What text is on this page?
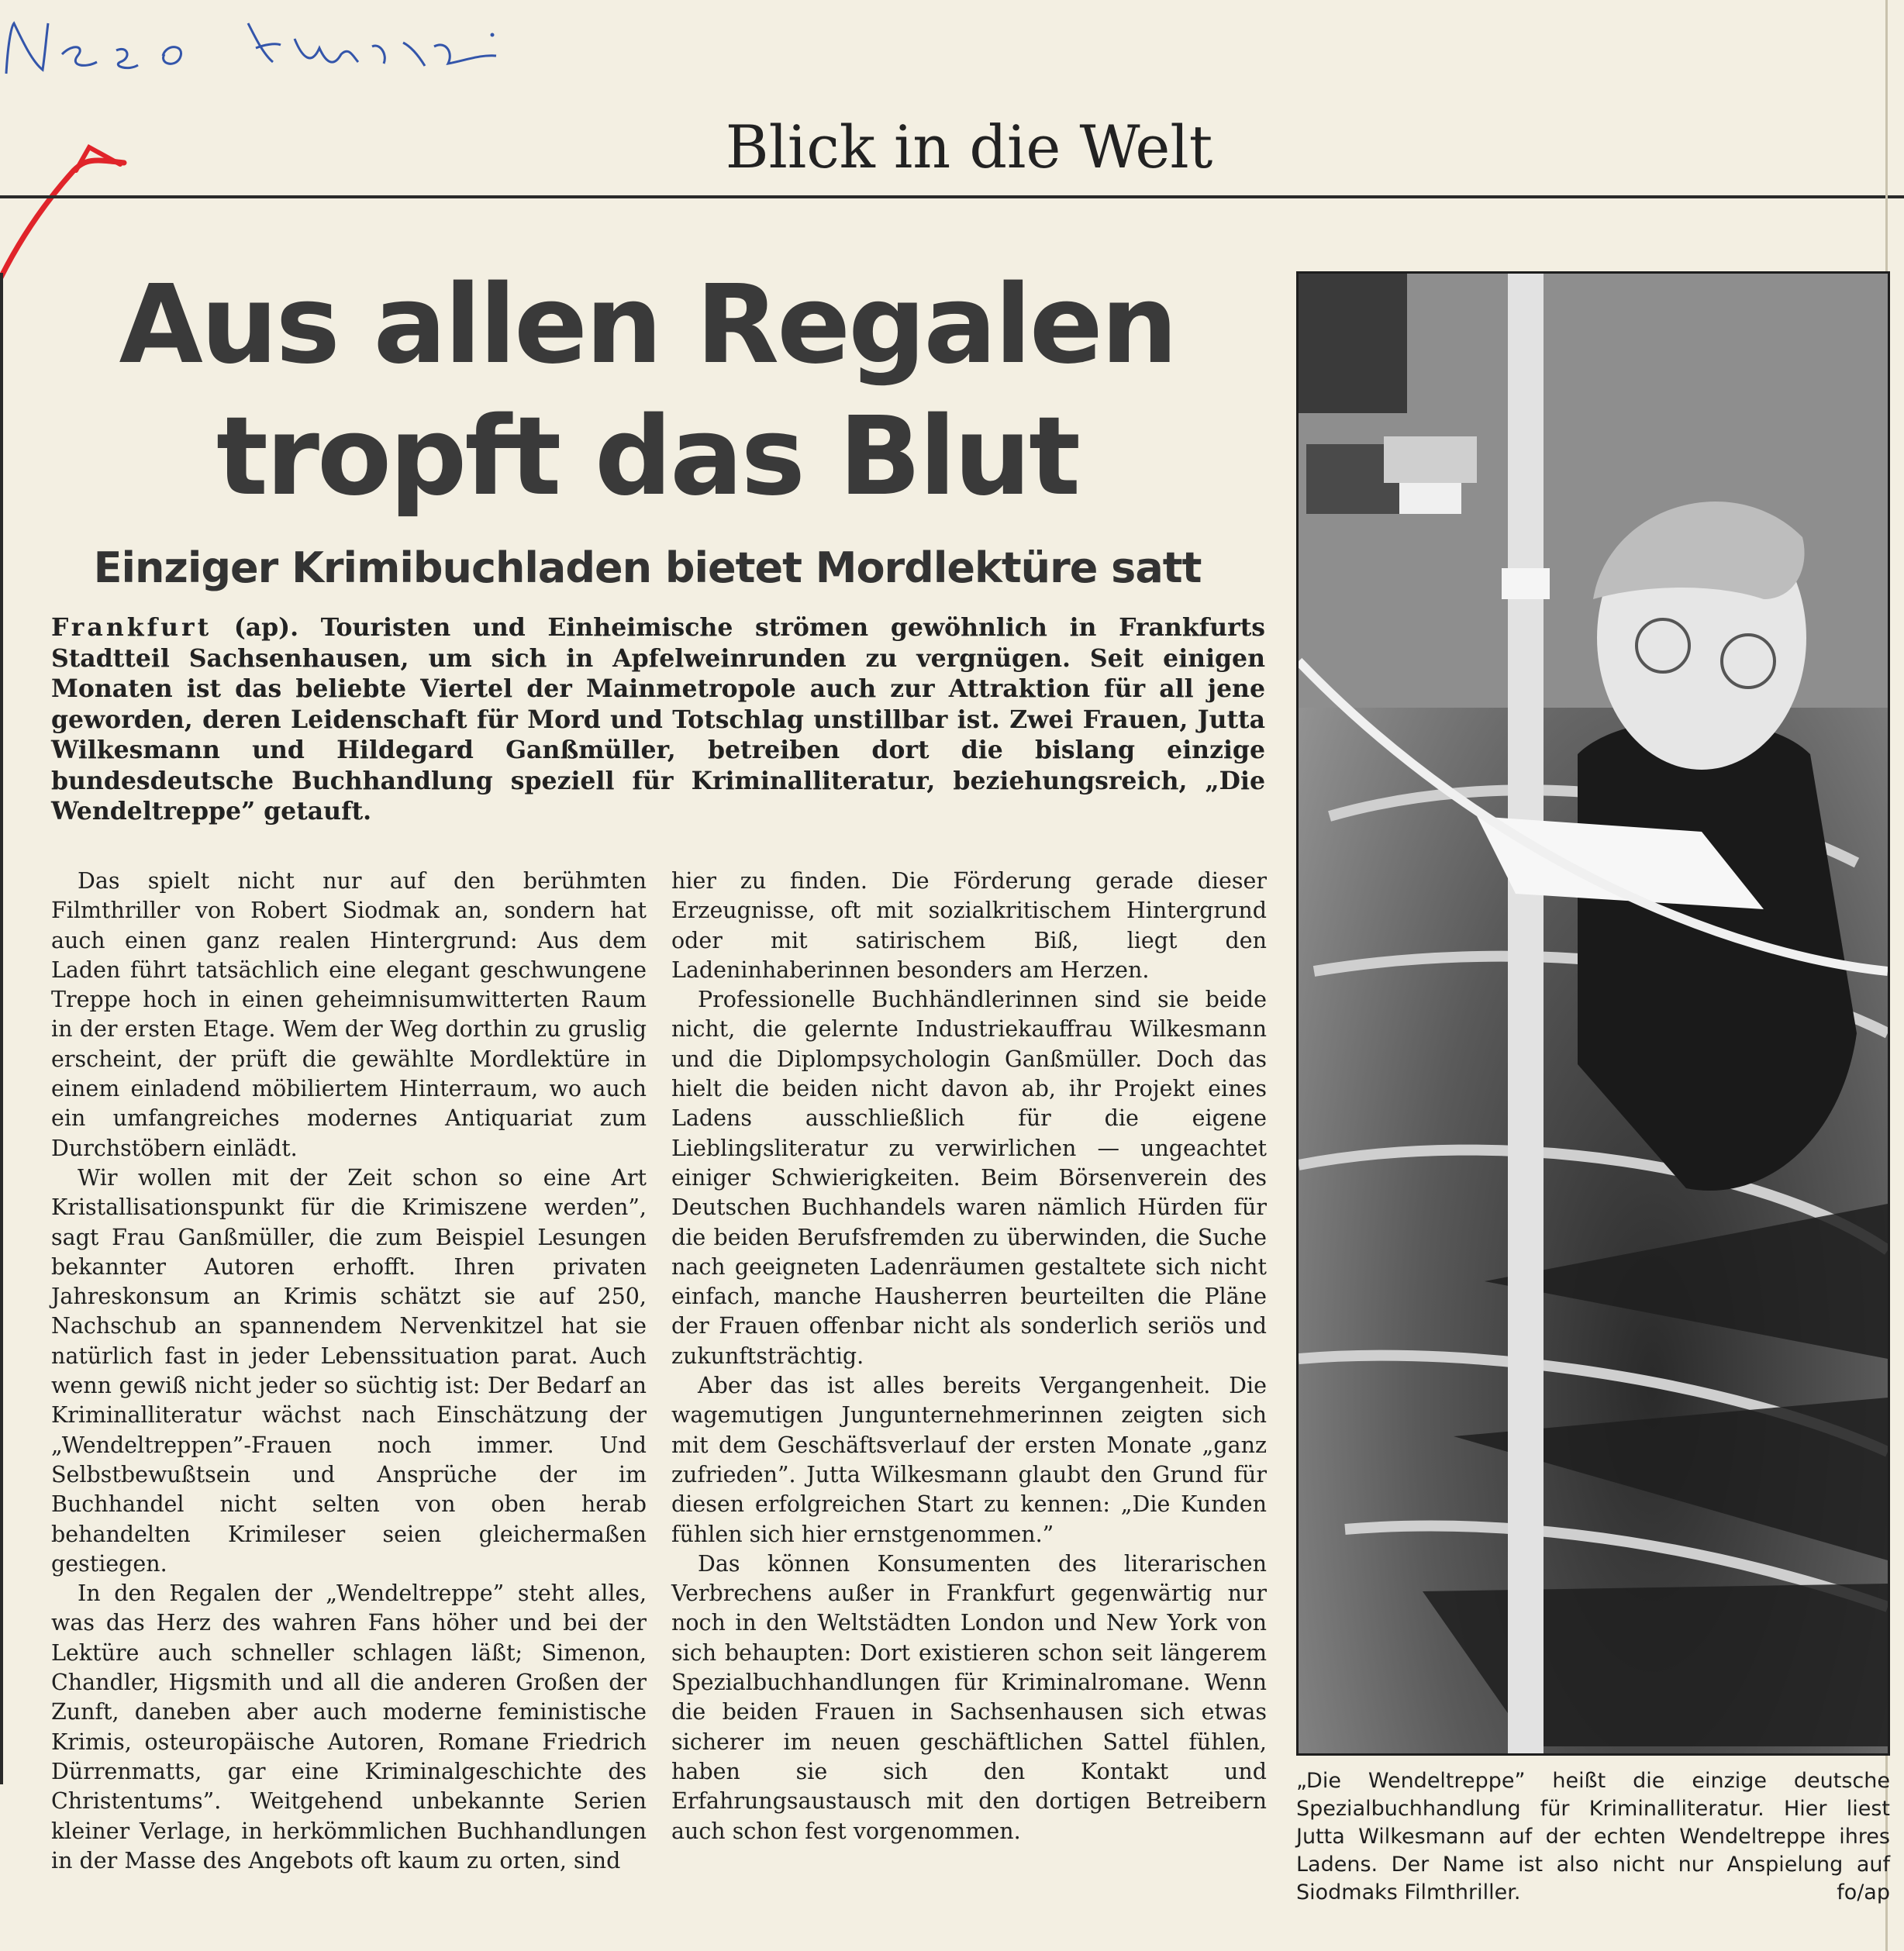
Blick in die Welt
Aus allen Regalen
tropft das Blut
Einziger Krimibuchladen bietet Mordlektüre satt
Frankfurt (ap). Touristen und Einheimische strömen gewöhnlich in Frankfurts Stadtteil Sachsenhausen, um sich in Apfelweinrunden zu vergnügen. Seit einigen Monaten ist das beliebte Viertel der Mainmetropole auch zur Attraktion für all jene geworden, deren Leidenschaft für Mord und Totschlag unstillbar ist. Zwei Frauen, Jutta Wilkesmann und Hildegard Ganßmüller, betreiben dort die bislang einzige bundesdeutsche Buchhandlung speziell für Kriminalliteratur, beziehungsreich, „Die Wendeltreppe” getauft.

Das spielt nicht nur auf den berühmten Filmthriller von Robert Siodmak an, sondern hat auch einen ganz realen Hintergrund: Aus dem Laden führt tatsächlich eine elegant geschwungene Treppe hoch in einen geheimnisumwitterten Raum in der ersten Etage. Wem der Weg dorthin zu gruslig erscheint, der prüft die gewählte Mordlektüre in einem einladend möbiliertem Hinterraum, wo auch ein umfangreiches modernes Antiquariat zum Durchstöbern einlädt.

Wir wollen mit der Zeit schon so eine Art Kristallisationspunkt für die Krimiszene werden”, sagt Frau Ganßmüller, die zum Beispiel Lesungen bekannter Autoren erhofft. Ihren privaten Jahreskonsum an Krimis schätzt sie auf 250, Nachschub an spannendem Nervenkitzel hat sie natürlich fast in jeder Lebenssituation parat. Auch wenn gewiß nicht jeder so süchtig ist: Der Bedarf an Kriminalliteratur wächst nach Einschätzung der „Wendeltreppen”-Frauen noch immer. Und Selbstbewußtsein und Ansprüche der im Buchhandel nicht selten von oben herab behandelten Krimileser seien gleichermaßen gestiegen.

In den Regalen der „Wendeltreppe” steht alles, was das Herz des wahren Fans höher und bei der Lektüre auch schneller schlagen läßt; Simenon, Chandler, Higsmith und all die anderen Großen der Zunft, daneben aber auch moderne feministische Krimis, osteuropäische Autoren, Romane Friedrich Dürrenmatts, gar eine Kriminalgeschichte des Christentums”. Weitgehend unbekannte Serien kleiner Verlage, in herkömmlichen Buchhandlungen in der Masse des Angebots oft kaum zu orten, sind

hier zu finden. Die Förderung gerade dieser Erzeugnisse, oft mit sozialkritischem Hintergrund oder mit satirischem Biß, liegt den Ladeninhaberinnen besonders am Herzen.

Professionelle Buchhändlerinnen sind sie beide nicht, die gelernte Industriekauffrau Wilkesmann und die Diplompsychologin Ganßmüller. Doch das hielt die beiden nicht davon ab, ihr Projekt eines Ladens ausschließlich für die eigene Lieblingsliteratur zu verwirlichen — ungeachtet einiger Schwierigkeiten. Beim Börsenverein des Deutschen Buchhandels waren nämlich Hürden für die beiden Berufsfremden zu überwinden, die Suche nach geeigneten Ladenräumen gestaltete sich nicht einfach, manche Hausherren beurteilten die Pläne der Frauen offenbar nicht als sonderlich seriös und zukunftsträchtig.

Aber das ist alles bereits Vergangenheit. Die wagemutigen Jungunternehmerinnen zeigten sich mit dem Geschäftsverlauf der ersten Monate „ganz zufrieden”. Jutta Wilkesmann glaubt den Grund für diesen erfolgreichen Start zu kennen: „Die Kunden fühlen sich hier ernstgenommen.”

Das können Konsumenten des literarischen Verbrechens außer in Frankfurt gegenwärtig nur noch in den Weltstädten London und New York von sich behaupten: Dort existieren schon seit längerem Spezialbuchhandlungen für Kriminalromane. Wenn die beiden Frauen in Sachsenhausen sich etwas sicherer im neuen geschäftlichen Sattel fühlen, haben sie sich den Kontakt und Erfahrungsaustausch mit den dortigen Betreibern auch schon fest vorgenommen.

„Die Wendeltreppe” heißt die einzige deutsche Spezialbuchhandlung für Kriminalliteratur. Hier liest Jutta Wilkesmann auf der echten Wendeltreppe ihres Ladens. Der Name ist also nicht nur Anspielung auf Siodmaks Filmthriller.	fo/ap
